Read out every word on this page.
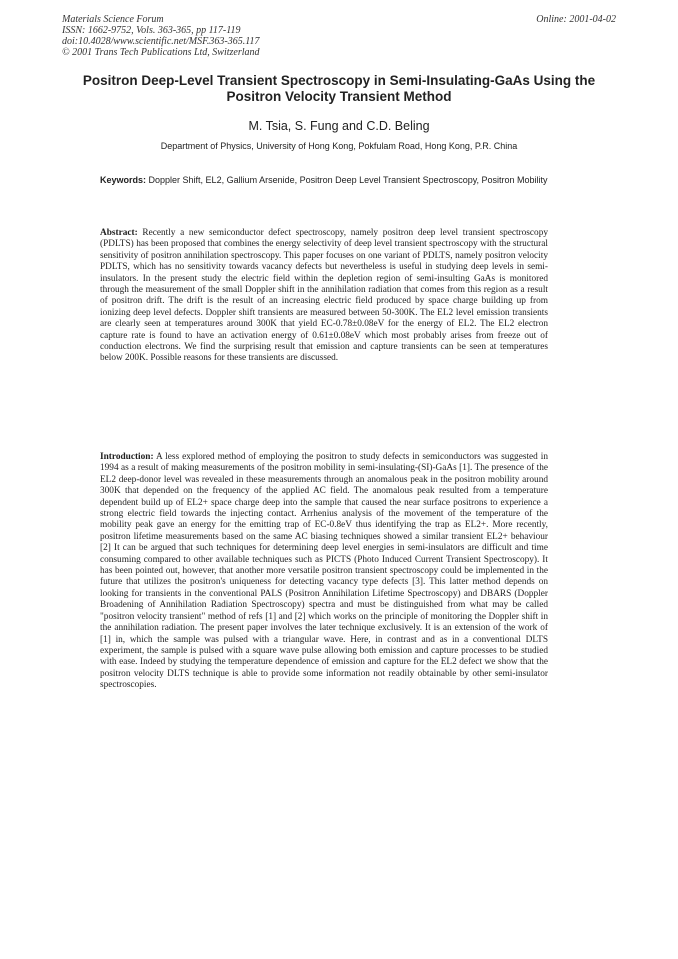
Materials Science Forum
ISSN: 1662-9752, Vols. 363-365, pp 117-119
doi:10.4028/www.scientific.net/MSF.363-365.117
© 2001 Trans Tech Publications Ltd, Switzerland
Online: 2001-04-02
Positron Deep-Level Transient Spectroscopy in Semi-Insulating-GaAs Using the Positron Velocity Transient Method
M. Tsia, S. Fung and C.D. Beling
Department of Physics, University of Hong Kong, Pokfulam Road, Hong Kong, P.R. China
Keywords: Doppler Shift, EL2, Gallium Arsenide, Positron Deep Level Transient Spectroscopy, Positron Mobility
Abstract: Recently a new semiconductor defect spectroscopy, namely positron deep level transient spectroscopy (PDLTS) has been proposed that combines the energy selectivity of deep level transient spectroscopy with the structural sensitivity of positron annihilation spectroscopy. This paper focuses on one variant of PDLTS, namely positron velocity PDLTS, which has no sensitivity towards vacancy defects but nevertheless is useful in studying deep levels in semi-insulators. In the present study the electric field within the depletion region of semi-insulting GaAs is monitored through the measurement of the small Doppler shift in the annihilation radiation that comes from this region as a result of positron drift. The drift is the result of an increasing electric field produced by space charge building up from ionizing deep level defects. Doppler shift transients are measured between 50-300K. The EL2 level emission transients are clearly seen at temperatures around 300K that yield EC-0.78±0.08eV for the energy of EL2. The EL2 electron capture rate is found to have an activation energy of 0.61±0.08eV which most probably arises from freeze out of conduction electrons. We find the surprising result that emission and capture transients can be seen at temperatures below 200K. Possible reasons for these transients are discussed.
Introduction: A less explored method of employing the positron to study defects in semiconductors was suggested in 1994 as a result of making measurements of the positron mobility in semi-insulating-(SI)-GaAs [1]. The presence of the EL2 deep-donor level was revealed in these measurements through an anomalous peak in the positron mobility around 300K that depended on the frequency of the applied AC field. The anomalous peak resulted from a temperature dependent build up of EL2+ space charge deep into the sample that caused the near surface positrons to experience a strong electric field towards the injecting contact. Arrhenius analysis of the movement of the temperature of the mobility peak gave an energy for the emitting trap of EC-0.8eV thus identifying the trap as EL2+. More recently, positron lifetime measurements based on the same AC biasing techniques showed a similar transient EL2+ behaviour [2] It can be argued that such techniques for determining deep level energies in semi-insulators are difficult and time consuming compared to other available techniques such as PICTS (Photo Induced Current Transient Spectroscopy). It has been pointed out, however, that another more versatile positron transient spectroscopy could be implemented in the future that utilizes the positron's uniqueness for detecting vacancy type defects [3]. This latter method depends on looking for transients in the conventional PALS (Positron Annihilation Lifetime Spectroscopy) and DBARS (Doppler Broadening of Annihilation Radiation Spectroscopy) spectra and must be distinguished from what may be called "positron velocity transient" method of refs [1] and [2] which works on the principle of monitoring the Doppler shift in the annihilation radiation. The present paper involves the later technique exclusively. It is an extension of the work of [1] in, which the sample was pulsed with a triangular wave. Here, in contrast and as in a conventional DLTS experiment, the sample is pulsed with a square wave pulse allowing both emission and capture processes to be studied with ease. Indeed by studying the temperature dependence of emission and capture for the EL2 defect we show that the positron velocity DLTS technique is able to provide some information not readily obtainable by other semi-insulator spectroscopies.
